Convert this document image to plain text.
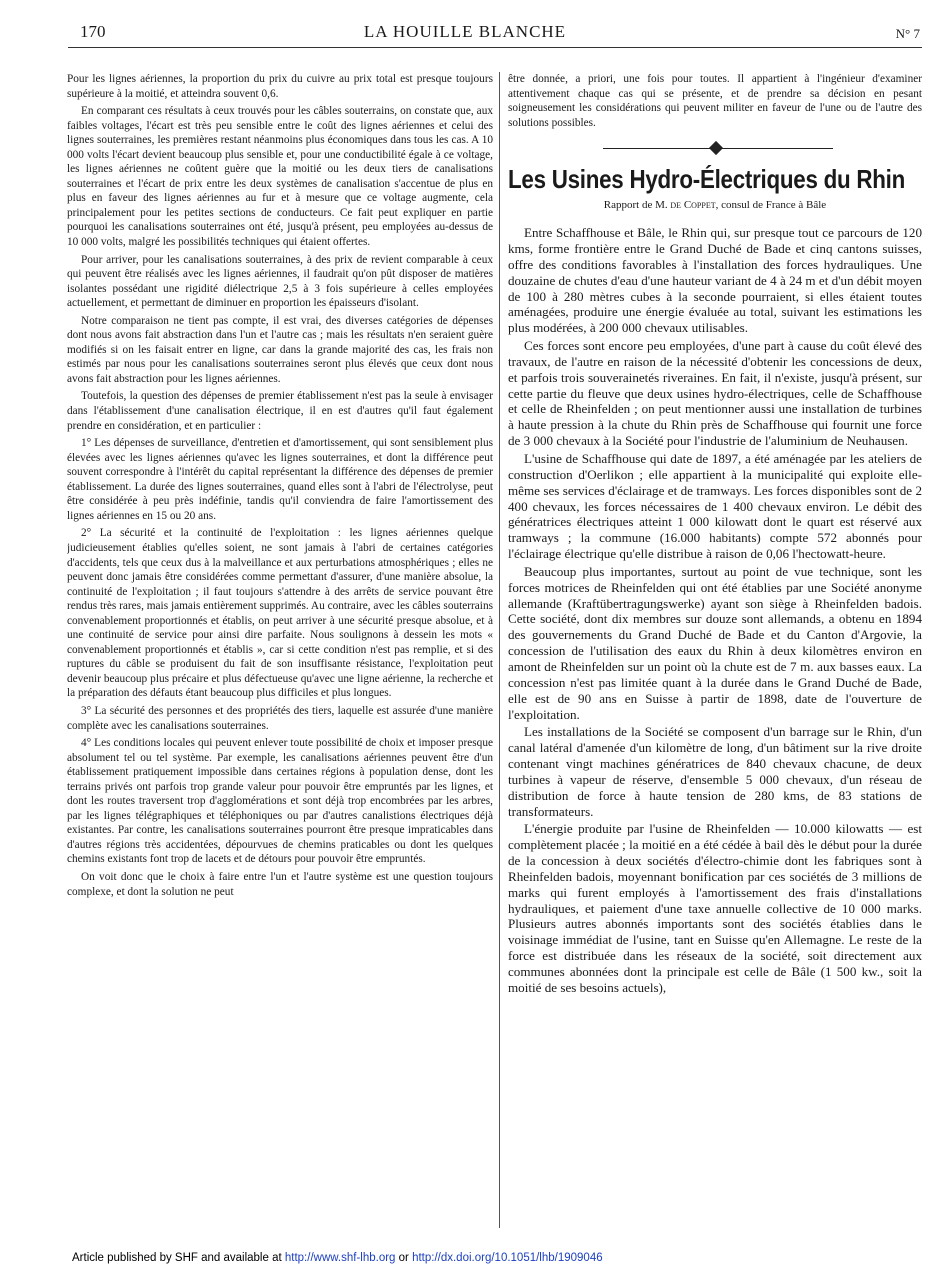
170	LA HOUILLE BLANCHE	N° 7

Pour les lignes aériennes, la proportion du prix du cuivre au prix total est presque toujours supérieure à la moitié, et atteindra souvent 0,6.

En comparant ces résultats à ceux trouvés pour les câbles souterrains, on constate que, aux faibles voltages, l'écart est très peu sensible entre le coût des lignes aériennes et celui des lignes souterraines, les premières restant néanmoins plus économiques dans tous les cas. A 10 000 volts l'écart devient beaucoup plus sensible et, pour une conductibilité égale à ce voltage, les lignes aériennes ne coûtent guère que la moitié ou les deux tiers de canalisations souterraines et l'écart de prix entre les deux systèmes de canalisation s'accentue de plus en plus en faveur des lignes aériennes au fur et à mesure que ce voltage augmente, cela principalement pour les petites sections de conducteurs. Ce fait peut expliquer en partie pourquoi les canalisations souterraines ont été, jusqu'à présent, peu employées au-dessus de 10 000 volts, malgré les possibilités techniques qui étaient offertes.

Pour arriver, pour les canalisations souterraines, à des prix de revient comparable à ceux qui peuvent être réalisés avec les lignes aériennes, il faudrait qu'on pût disposer de matières isolantes possédant une rigidité diélectrique 2,5 à 3 fois supérieure à celles employées actuellement, et permettant de diminuer en proportion les épaisseurs d'isolant.

Notre comparaison ne tient pas compte, il est vrai, des diverses catégories de dépenses dont nous avons fait abstraction dans l'un et l'autre cas ; mais les résultats n'en seraient guère modifiés si on les faisait entrer en ligne, car dans la grande majorité des cas, les frais non estimés par nous pour les canalisations souterraines seront plus élevés que ceux dont nous avons fait abstraction pour les lignes aériennes.

Toutefois, la question des dépenses de premier établissement n'est pas la seule à envisager dans l'établissement d'une canalisation électrique, il en est d'autres qu'il faut également prendre en considération, et en particulier :

1° Les dépenses de surveillance, d'entretien et d'amortissement, qui sont sensiblement plus élevées avec les lignes aériennes qu'avec les lignes souterraines, et dont la différence peut souvent correspondre à l'intérêt du capital représentant la différence des dépenses de premier établissement. La durée des lignes souterraines, quand elles sont à l'abri de l'électrolyse, peut être considérée à peu près indéfinie, tandis qu'il conviendra de faire l'amortissement des lignes aériennes en 15 ou 20 ans.

2° La sécurité et la continuité de l'exploitation : les lignes aériennes quelque judicieusement établies qu'elles soient, ne sont jamais à l'abri de certaines catégories d'accidents, tels que ceux dus à la malveillance et aux perturbations atmosphériques ; elles ne peuvent donc jamais être considérées comme permettant d'assurer, d'une manière absolue, la continuité de l'exploitation ; il faut toujours s'attendre à des arrêts de service pouvant être rendus très rares, mais jamais entièrement supprimés. Au contraire, avec les câbles souterrains convenablement proportionnés et établis, on peut arriver à une sécurité presque absolue, et à une continuité de service pour ainsi dire parfaite. Nous soulignons à dessein les mots « convenablement proportionnés et établis », car si cette condition n'est pas remplie, et si des ruptures du câble se produisent du fait de son insuffisante résistance, l'exploitation peut devenir beaucoup plus précaire et plus défectueuse qu'avec une ligne aérienne, la recherche et la préparation des défauts étant beaucoup plus difficiles et plus longues.

3° La sécurité des personnes et des propriétés des tiers, laquelle est assurée d'une manière complète avec les canalisations souterraines.

4° Les conditions locales qui peuvent enlever toute possibilité de choix et imposer presque absolument tel ou tel système. Par exemple, les canalisations aériennes peuvent être d'un établissement pratiquement impossible dans certaines régions à population dense, dont les terrains privés ont parfois trop grande valeur pour pouvoir être empruntés par les lignes, et dont les routes traversent trop d'agglomérations et sont déjà trop encombrées par les arbres, par les lignes télégraphiques et téléphoniques ou par d'autres canalistions électriques déjà existantes. Par contre, les canalisations souterraines pourront être presque impraticables dans d'autres régions très accidentées, dépourvues de chemins praticables ou dont les quelques chemins existants font trop de lacets et de détours pour pouvoir être empruntés.

On voit donc que le choix à faire entre l'un et l'autre système est une question toujours complexe, et dont la solution ne peut

être donnée, a priori, une fois pour toutes. Il appartient à l'ingénieur d'examiner attentivement chaque cas qui se présente, et de prendre sa décision en pesant soigneusement les considérations qui peuvent militer en faveur de l'une ou de l'autre des solutions possibles.

Les Usines Hydro-Électriques du Rhin
Rapport de M. de Coppet, consul de France à Bâle

Entre Schaffhouse et Bâle, le Rhin qui, sur presque tout ce parcours de 120 kms, forme frontière entre le Grand Duché de Bade et cinq cantons suisses, offre des conditions favorables à l'installation des forces hydrauliques. Une douzaine de chutes d'eau d'une hauteur variant de 4 à 24 m et d'un débit moyen de 100 à 280 mètres cubes à la seconde pourraient, si elles étaient toutes aménagées, produire une énergie évaluée au total, suivant les estimations les plus modérées, à 200 000 chevaux utilisables.

Ces forces sont encore peu employées, d'une part à cause du coût élevé des travaux, de l'autre en raison de la nécessité d'obtenir les concessions de deux, et parfois trois souverainetés riveraines. En fait, il n'existe, jusqu'à présent, sur cette partie du fleuve que deux usines hydro-électriques, celle de Schaffhouse et celle de Rheinfelden ; on peut mentionner aussi une installation de turbines à haute pression à la chute du Rhin près de Schaffhouse qui fournit une force de 3 000 chevaux à la Société pour l'industrie de l'aluminium de Neuhausen.

L'usine de Schaffhouse qui date de 1897, a été aménagée par les ateliers de construction d'Oerlikon ; elle appartient à la municipalité qui exploite elle-même ses services d'éclairage et de tramways. Les forces disponibles sont de 2 400 chevaux, les forces nécessaires de 1 400 chevaux environ. Le débit des génératrices électriques atteint 1 000 kilowatt dont le quart est réservé aux tramways ; la commune (16.000 habitants) compte 572 abonnés pour l'éclairage électrique qu'elle distribue à raison de 0,06 l'hectowatt-heure.

Beaucoup plus importantes, surtout au point de vue technique, sont les forces motrices de Rheinfelden qui ont été établies par une Société anonyme allemande (Kraftübertragungswerke) ayant son siège à Rheinfelden badois. Cette société, dont dix membres sur douze sont allemands, a obtenu en 1894 des gouvernements du Grand Duché de Bade et du Canton d'Argovie, la concession de l'utilisation des eaux du Rhin à deux kilomètres environ en amont de Rheinfelden sur un point où la chute est de 7 m. aux basses eaux. La concession n'est pas limitée quant à la durée dans le Grand Duché de Bade, elle est de 90 ans en Suisse à partir de 1898, date de l'ouverture de l'exploitation.

Les installations de la Société se composent d'un barrage sur le Rhin, d'un canal latéral d'amenée d'un kilomètre de long, d'un bâtiment sur la rive droite contenant vingt machines génératrices de 840 chevaux chacune, de deux turbines à vapeur de réserve, d'ensemble 5 000 chevaux, d'un réseau de distribution de force à haute tension de 280 kms, de 83 stations de transformateurs.

L'énergie produite par l'usine de Rheinfelden — 10.000 kilowatts — est complètement placée ; la moitié en a été cédée à bail dès le début pour la durée de la concession à deux sociétés d'électro-chimie dont les fabriques sont à Rheinfelden badois, moyennant bonification par ces sociétés de 3 millions de marks qui furent employés à l'amortissement des frais d'installations hydrauliques, et paiement d'une taxe annuelle collective de 10 000 marks. Plusieurs autres abonnés importants sont des sociétés établies dans le voisinage immédiat de l'usine, tant en Suisse qu'en Allemagne. Le reste de la force est distribuée dans les réseaux de la société, soit directement aux communes abonnées dont la principale est celle de Bâle (1 500 kw., soit la moitié de ses besoins actuels),

Article published by SHF and available at http://www.shf-lhb.org or http://dx.doi.org/10.1051/lhb/1909046
